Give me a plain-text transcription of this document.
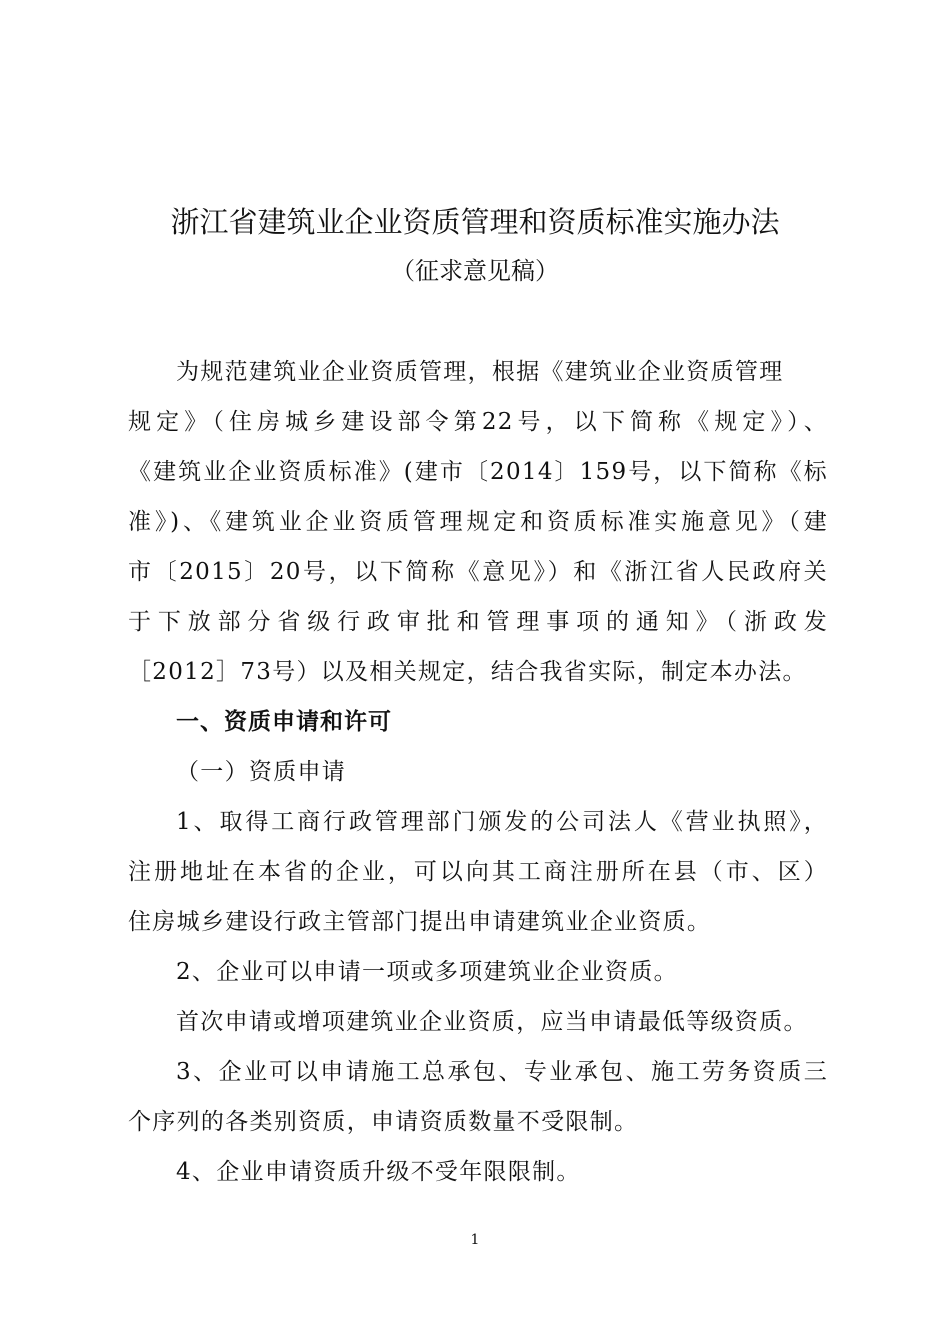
浙江省建筑业企业资质管理和资质标准实施办法
（征求意见稿）
为规范建筑业企业资质管理，根据《建筑业企业资质管理
规定》（住房城乡建设部令第22号，以下简称《规定》）、
《建筑业企业资质标准》(建市〔2014〕159号，以下简称《标
准》)、《建筑业企业资质管理规定和资质标准实施意见》（建
市〔2015〕20号，以下简称《意见》）和《浙江省人民政府关
于下放部分省级行政审批和管理事项的通知》（浙政发
［2012］73号）以及相关规定，结合我省实际，制定本办法。
一、资质申请和许可
（一）资质申请
1、取得工商行政管理部门颁发的公司法人《营业执照》，
注册地址在本省的企业，可以向其工商注册所在县（市、区）
住房城乡建设行政主管部门提出申请建筑业企业资质。
2、企业可以申请一项或多项建筑业企业资质。
首次申请或增项建筑业企业资质，应当申请最低等级资质。
3、企业可以申请施工总承包、专业承包、施工劳务资质三
个序列的各类别资质，申请资质数量不受限制。
4、企业申请资质升级不受年限限制。
1
